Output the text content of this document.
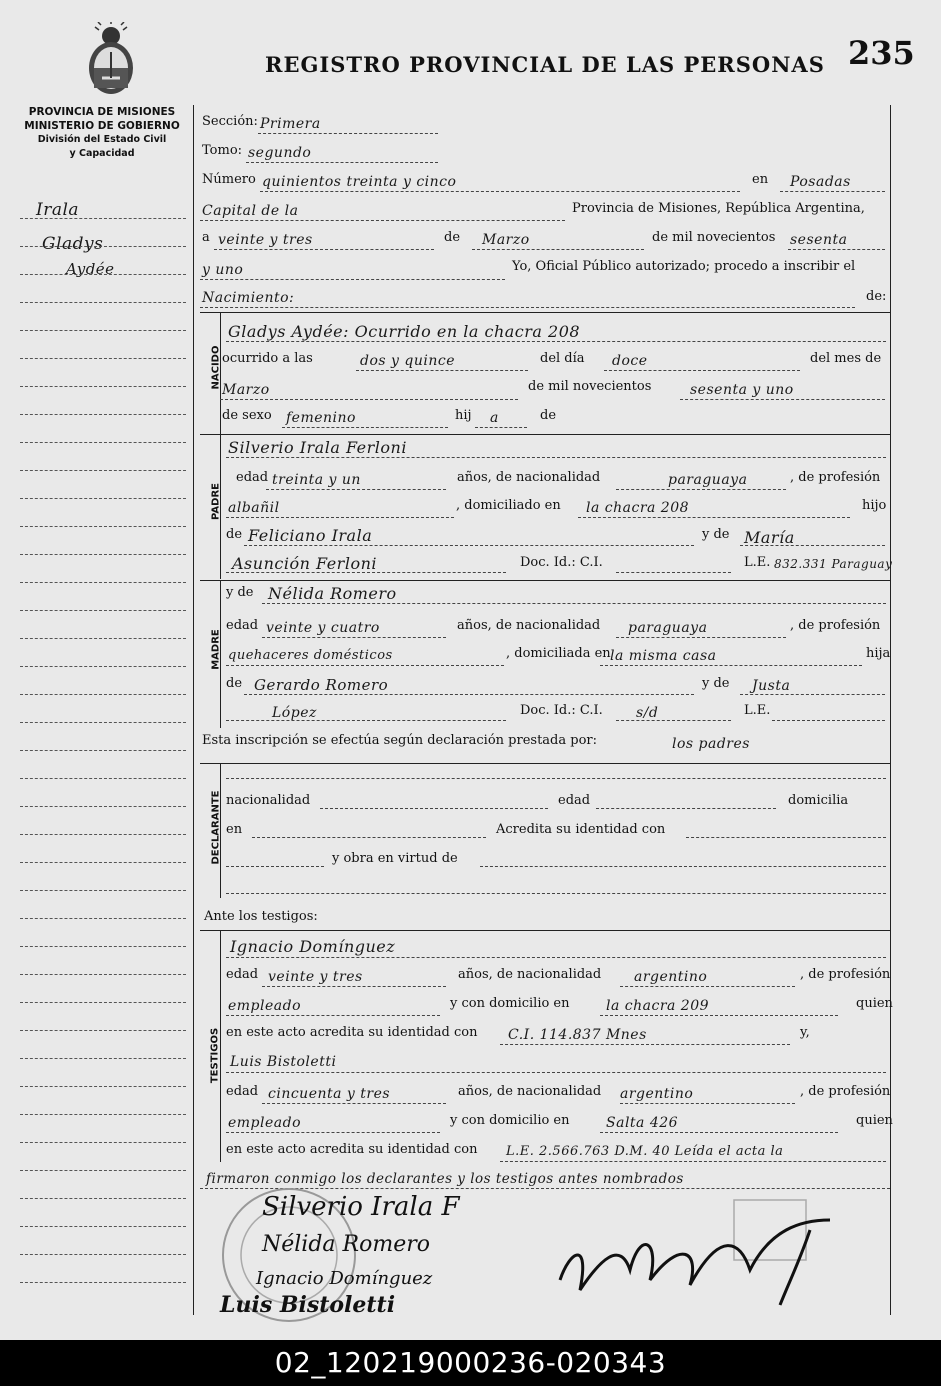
REGISTRO PROVINCIAL DE LAS PERSONAS 235
PROVINCIA DE MISIONES
MINISTERIO DE GOBIERNO
División del Estado Civil
y Capacidad
Irala
Gladys
Aydée
Sección: Primera
Tomo: segundo
Número quinientos treinta y cinco	en Posadas
Capital de la	Provincia de Misiones, República Argentina,
a veinte y tres	de Marzo	de mil novecientos sesenta
y uno	Yo, Oficial Público autorizado; procedo a inscribir el
Nacimiento:	de:
NACIDO
Gladys Aydée: Ocurrido en la chacra 208
ocurrido a las	dos y quince	del día doce	del mes de
Marzo	de mil novecientos	sesenta y uno
de sexo femenino	hij a	de
PADRE
Silverio Irala Ferloni
edad treinta y un	años, de nacionalidad	paraguaya	, de profesión
albañil	, domiciliado en la chacra 208	hijo
de Feliciano Irala	y de María
Asunción Ferloni	Doc. Id.: C.I.	L.E. 832.331 Paraguay
MADRE
y de Nélida Romero
edad veinte y cuatro	años, de nacionalidad paraguaya	, de profesión
quehaceres domésticos	, domiciliada en la misma casa	hija
de Gerardo Romero	y de Justa
López	Doc. Id.: C.I. s/d	L.E.
Esta inscripción se efectúa según declaración prestada por:	los padres
DECLARANTE nacionalidad	edad	domicilia
en	Acredita su identidad con
y obra en virtud de
Ante los testigos:
TESTIGOS
Ignacio Domínguez
edad veinte y tres	años, de nacionalidad argentino	, de profesión
empleado	y con domicilio en	la chacra 209	quien
en este acto acredita su identidad con C.I. 114.837 Mnes	y,
Luis Bistoletti
edad cincuenta y tres	años, de nacionalidad argentino	, de profesión
empleado	y con domicilio en	Salta 426	quien
en este acto acredita su identidad con L.E. 2.566.763 D.M. 40 Leída el acta la
firmaron conmigo los declarantes y los testigos antes nombrados
Silverio Irala F
Nélida Romero
Ignacio Domínguez
Luis Bistoletti
02_120219000236-020343
